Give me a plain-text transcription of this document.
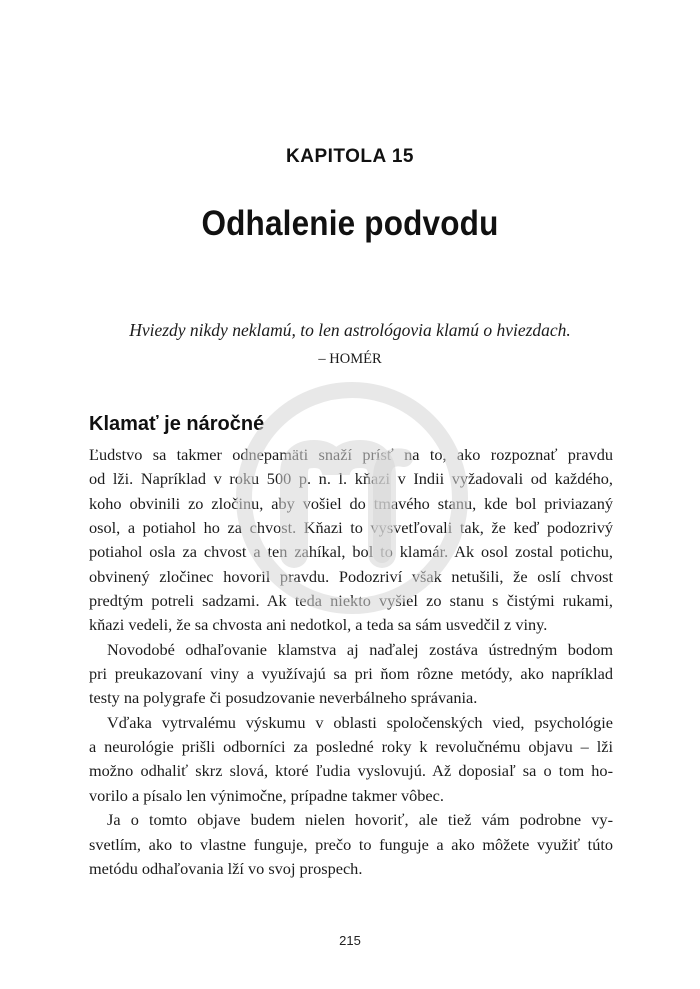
KAPITOLA 15
Odhalenie podvodu
Hviezdy nikdy neklamú, to len astrológovia klamú o hviezdach.
– HOMÉR
Klamať je náročné
Ľudstvo sa takmer odnepamäti snaží prísť na to, ako rozpoznať pravdu
od lži. Napríklad v roku 500 p. n. l. kňazi v Indii vyžadovali od každého,
koho obvinili zo zločinu, aby vošiel do tmavého stanu, kde bol priviazaný
osol, a potiahol ho za chvost. Kňazi to vysvetľovali tak, že keď podozrivý
potiahol osla za chvost a ten zahíkal, bol to klamár. Ak osol zostal potichu,
obvinený zločinec hovoril pravdu. Podozriví však netušili, že oslí chvost
predtým potreli sadzami. Ak teda niekto vyšiel zo stanu s čistými rukami,
kňazi vedeli, že sa chvosta ani nedotkol, a teda sa sám usvedčil z viny.
Novodobé odhaľovanie klamstva aj naďalej zostáva ústredným bodom
pri preukazovaní viny a využívajú sa pri ňom rôzne metódy, ako napríklad
testy na polygrafe či posudzovanie neverbálneho správania.
Vďaka vytrvalému výskumu v oblasti spoločenských vied, psychológie
a neurológie prišli odborníci za posledné roky k revolučnému objavu – lži
možno odhaliť skrz slová, ktoré ľudia vyslovujú. Až doposiaľ sa o tom ho-
vorilo a písalo len výnimočne, prípadne takmer vôbec.
Ja o tomto objave budem nielen hovoriť, ale tiež vám podrobne vy-
svetlím, ako to vlastne funguje, prečo to funguje a ako môžete využiť túto
metódu odhaľovania lží vo svoj prospech.
215
